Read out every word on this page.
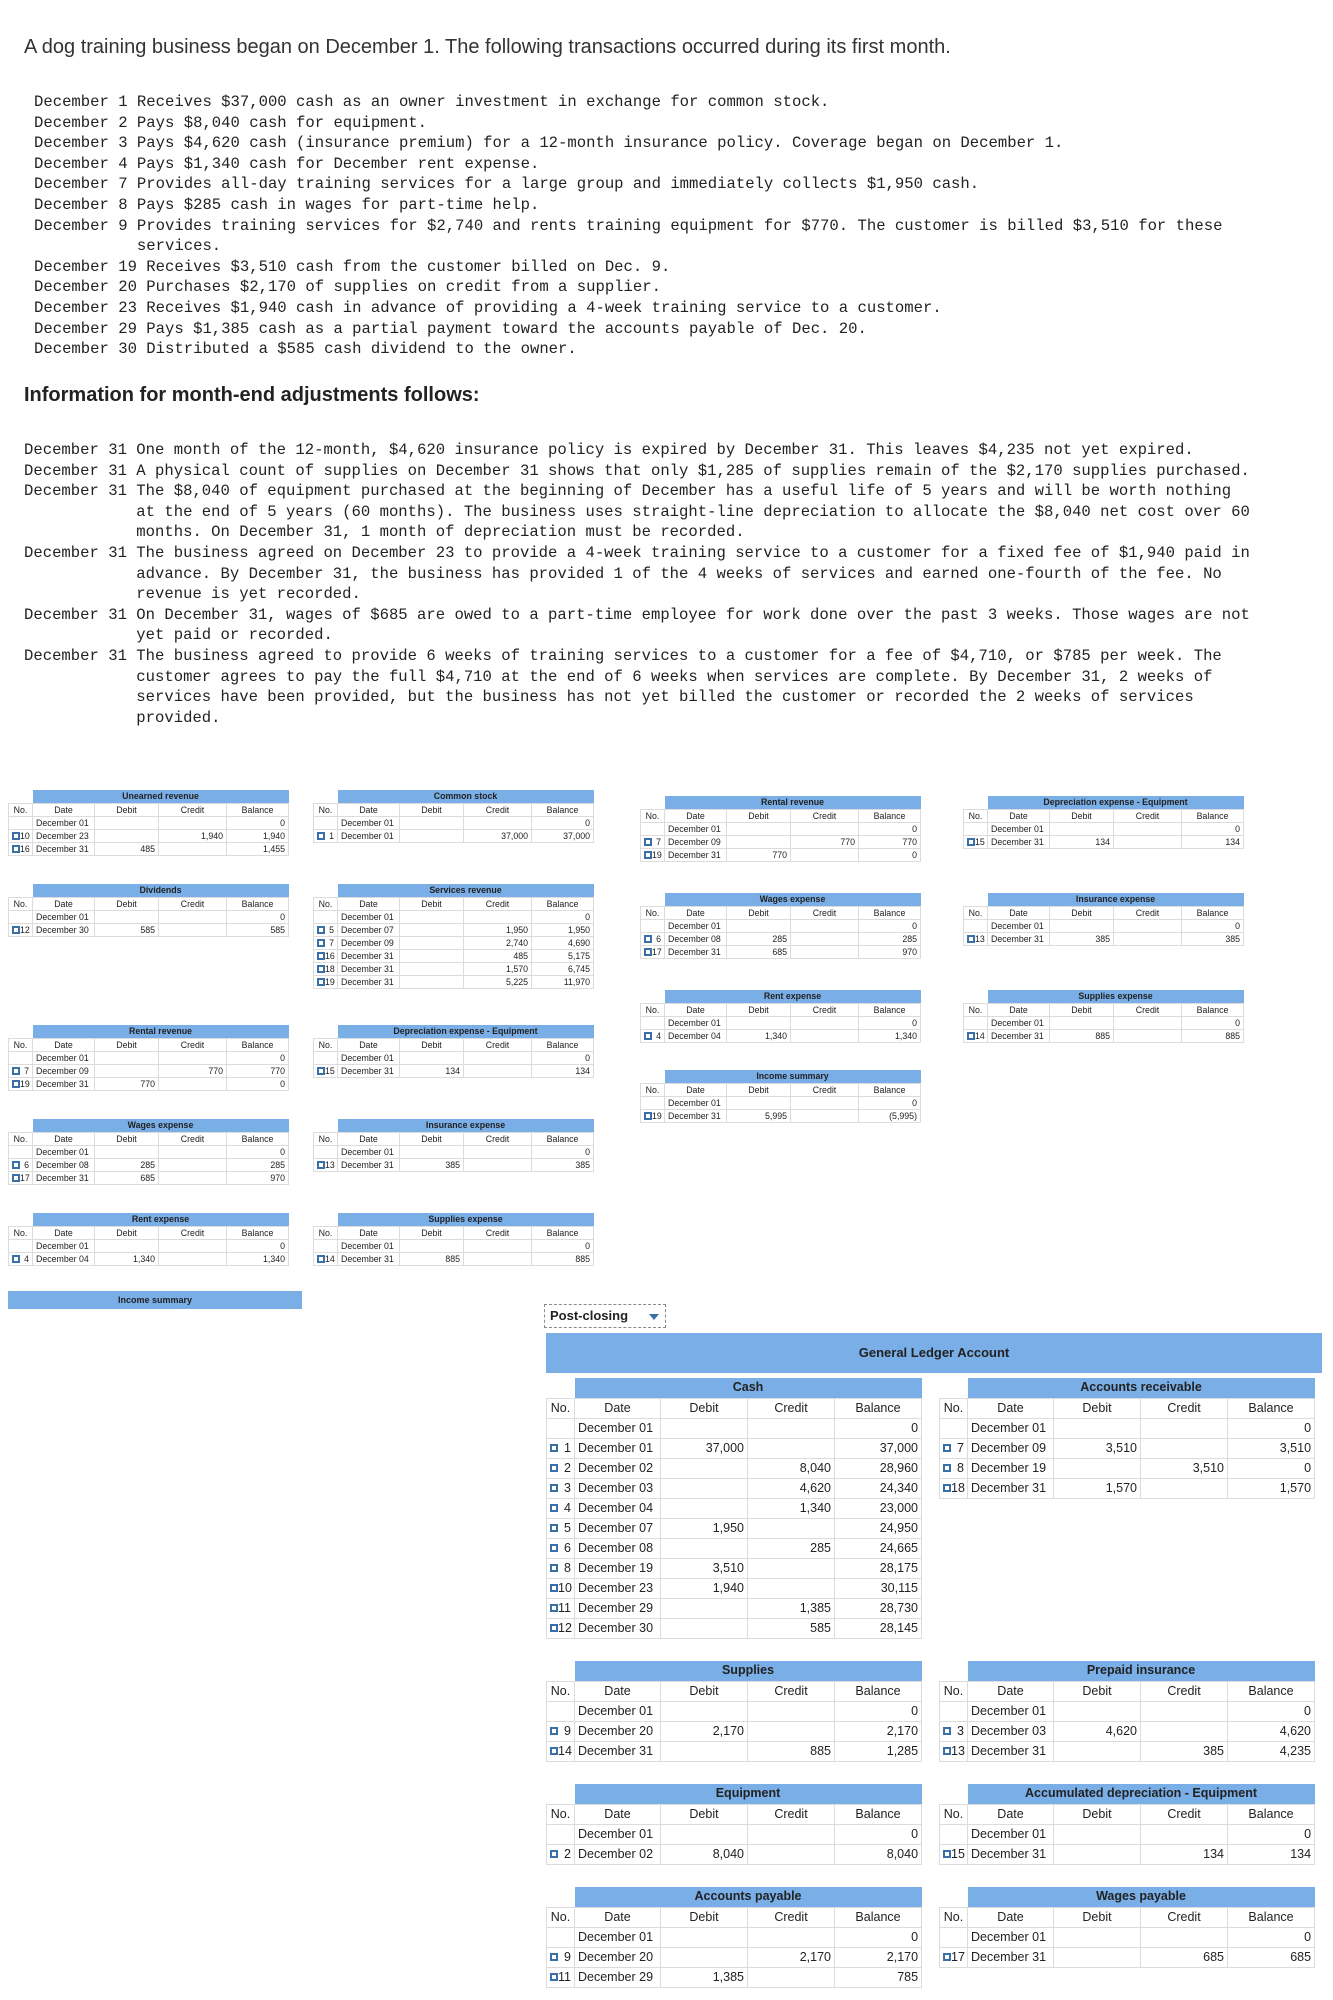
A dog training business began on December 1. The following transactions occurred during its first month.
December 1 Receives $37,000 cash as an owner investment in exchange for common stock.
December 2 Pays $8,040 cash for equipment.
December 3 Pays $4,620 cash (insurance premium) for a 12-month insurance policy. Coverage began on December 1.
December 4 Pays $1,340 cash for December rent expense.
December 7 Provides all-day training services for a large group and immediately collects $1,950 cash.
December 8 Pays $285 cash in wages for part-time help.
December 9 Provides training services for $2,740 and rents training equipment for $770. The customer is billed $3,510 for these
services.
December 19 Receives $3,510 cash from the customer billed on Dec. 9.
December 20 Purchases $2,170 of supplies on credit from a supplier.
December 23 Receives $1,940 cash in advance of providing a 4-week training service to a customer.
December 29 Pays $1,385 cash as a partial payment toward the accounts payable of Dec. 20.
December 30 Distributed a $585 cash dividend to the owner.
Information for month-end adjustments follows:
December 31 One month of the 12-month, $4,620 insurance policy is expired by December 31. This leaves $4,235 not yet expired.
December 31 A physical count of supplies on December 31 shows that only $1,285 of supplies remain of the $2,170 supplies purchased.
December 31 The $8,040 of equipment purchased at the beginning of December has a useful life of 5 years and will be worth nothing
at the end of 5 years (60 months). The business uses straight-line depreciation to allocate the $8,040 net cost over 60
months. On December 31, 1 month of depreciation must be recorded.
December 31 The business agreed on December 23 to provide a 4-week training service to a customer for a fixed fee of $1,940 paid in
advance. By December 31, the business has provided 1 of the 4 weeks of services and earned one-fourth of the fee. No
revenue is yet recorded.
December 31 On December 31, wages of $685 are owed to a part-time employee for work done over the past 3 weeks. Those wages are not
yet paid or recorded.
December 31 The business agreed to provide 6 weeks of training services to a customer for a fee of $4,710, or $785 per week. The
customer agrees to pay the full $4,710 at the end of 6 weeks when services are complete. By December 31, 2 weeks of
services have been provided, but the business has not yet billed the customer or recorded the 2 weeks of services
provided.
	Unearned revenue			
No.	Date	Debit	Credit	Balance
	December 01			0

10	December 23		1,940	1,940

16	December 31	485		1,455
	Common stock			
No.	Date	Debit	Credit	Balance
	December 01			0

1	December 01		37,000	37,000
	Dividends			
No.	Date	Debit	Credit	Balance
	December 01			0

12	December 30	585		585
	Services revenue			
No.	Date	Debit	Credit	Balance
	December 01			0

5	December 07		1,950	1,950

7	December 09		2,740	4,690

16	December 31		485	5,175

18	December 31		1,570	6,745

19	December 31		5,225	11,970
	Rental revenue			
No.	Date	Debit	Credit	Balance
	December 01			0

7	December 09		770	770

19	December 31	770		0
	Depreciation expense - Equipment			
No.	Date	Debit	Credit	Balance
	December 01			0

15	December 31	134		134
	Wages expense			
No.	Date	Debit	Credit	Balance
	December 01			0

6	December 08	285		285

17	December 31	685		970
	Insurance expense			
No.	Date	Debit	Credit	Balance
	December 01			0

13	December 31	385		385
	Rent expense			
No.	Date	Debit	Credit	Balance
	December 01			0

4	December 04	1,340		1,340
	Supplies expense			
No.	Date	Debit	Credit	Balance
	December 01			0

14	December 31	885		885
	Rental revenue			
No.	Date	Debit	Credit	Balance
	December 01			0

7	December 09		770	770

19	December 31	770		0
	Wages expense			
No.	Date	Debit	Credit	Balance
	December 01			0

6	December 08	285		285

17	December 31	685		970
	Rent expense			
No.	Date	Debit	Credit	Balance
	December 01			0

4	December 04	1,340		1,340
	Income summary			
No.	Date	Debit	Credit	Balance
	December 01			0

19	December 31	5,995		(5,995)
	Depreciation expense - Equipment			
No.	Date	Debit	Credit	Balance
	December 01			0

15	December 31	134		134
	Insurance expense			
No.	Date	Debit	Credit	Balance
	December 01			0

13	December 31	385		385
	Supplies expense			
No.	Date	Debit	Credit	Balance
	December 01			0

14	December 31	885		885
Income summary
Post-closing
General Ledger Account
	Cash			
No.	Date	Debit	Credit	Balance
	December 01			0

1	December 01	37,000		37,000

2	December 02		8,040	28,960

3	December 03		4,620	24,340

4	December 04		1,340	23,000

5	December 07	1,950		24,950

6	December 08		285	24,665

8	December 19	3,510		28,175

10	December 23	1,940		30,115

11	December 29		1,385	28,730

12	December 30		585	28,145
	Accounts receivable			
No.	Date	Debit	Credit	Balance
	December 01			0

7	December 09	3,510		3,510

8	December 19		3,510	0

18	December 31	1,570		1,570
	Supplies			
No.	Date	Debit	Credit	Balance
	December 01			0

9	December 20	2,170		2,170

14	December 31		885	1,285
	Prepaid insurance			
No.	Date	Debit	Credit	Balance
	December 01			0

3	December 03	4,620		4,620

13	December 31		385	4,235
	Equipment			
No.	Date	Debit	Credit	Balance
	December 01			0

2	December 02	8,040		8,040
	Accumulated depreciation - Equipment			
No.	Date	Debit	Credit	Balance
	December 01			0

15	December 31		134	134
	Accounts payable			
No.	Date	Debit	Credit	Balance
	December 01			0

9	December 20		2,170	2,170

11	December 29	1,385		785
	Wages payable			
No.	Date	Debit	Credit	Balance
	December 01			0

17	December 31		685	685
